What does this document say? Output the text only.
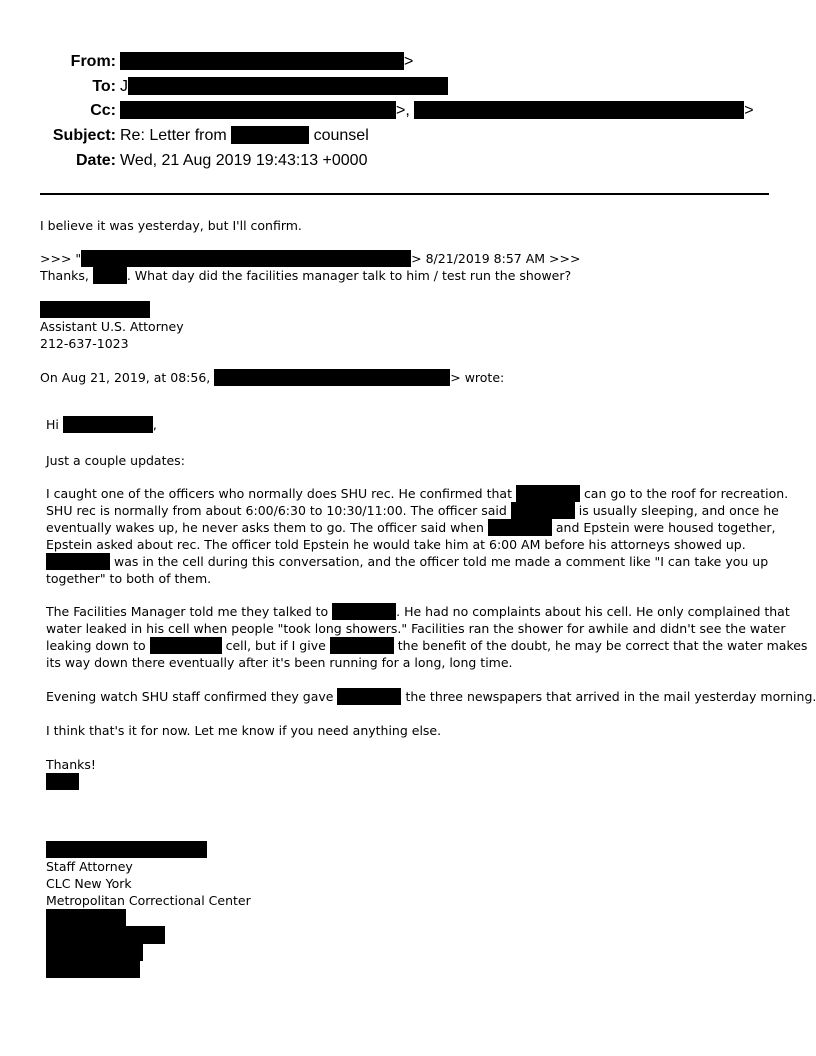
From:	>
To: J
Cc:	>,	>
Subject: Re: Letter from	counsel
Date: Wed, 21 Aug 2019 19:43:13 +0000
I believe it was yesterday, but I'll confirm.
>>> "	> 8/21/2019 8:57 AM >>>
Thanks,	. What day did the facilities manager talk to him / test run the shower?
Assistant U.S. Attorney
212-637-1023
On Aug 21, 2019, at 08:56,	> wrote:
Hi	,
Just a couple updates:
I caught one of the officers who normally does SHU rec. He confirmed that	can go to the roof for recreation.
SHU rec is normally from about 6:00/6:30 to 10:30/11:00. The officer said	is usually sleeping, and once he
eventually wakes up, he never asks them to go. The officer said when	and Epstein were housed together,
Epstein asked about rec. The officer told Epstein he would take him at 6:00 AM before his attorneys showed up.
was in the cell during this conversation, and the officer told me made a comment like "I can take you up
together" to both of them.
The Facilities Manager told me they talked to	. He had no complaints about his cell. He only complained that
water leaked in his cell when people "took long showers." Facilities ran the shower for awhile and didn't see the water
leaking down to	cell, but if I give	the benefit of the doubt, he may be correct that the water makes
its way down there eventually after it's been running for a long, long time.
Evening watch SHU staff confirmed they gave	the three newspapers that arrived in the mail yesterday morning.
I think that's it for now. Let me know if you need anything else.
Thanks!
Staff Attorney
CLC New York
Metropolitan Correctional Center
